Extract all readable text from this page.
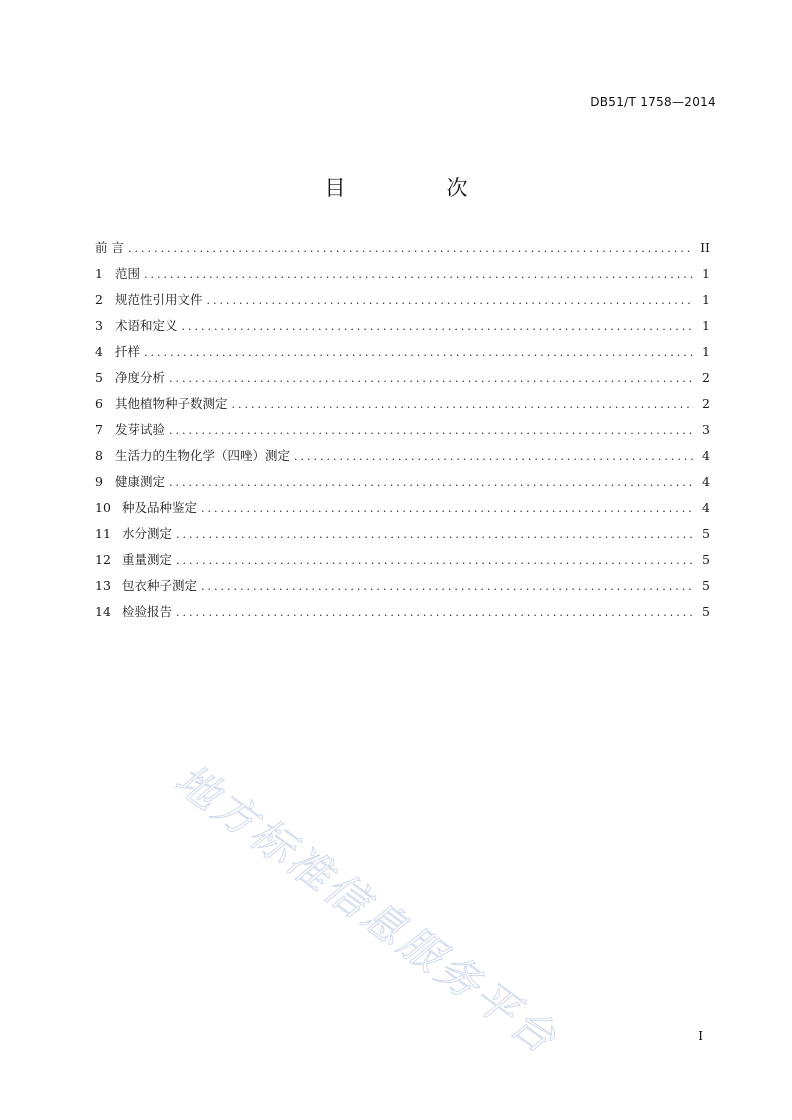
DB51/T 1758—2014
目　次
前 言 .....	II
1 范围 .....	1
2 规范性引用文件 .....	1
3 术语和定义 .....	1
4 扦样 .....	1
5 净度分析 .....	2
6 其他植物种子数测定 .....	2
7 发芽试验 .....	3
8 生活力的生物化学（四唑）测定 .....	4
9 健康测定 .....	4
10 种及品种鉴定 .....	4
11 水分测定 .....	5
12 重量测定 .....	5
13 包衣种子测定 .....	5
14 检验报告 .....	5
地方标准信息服务平台	I
